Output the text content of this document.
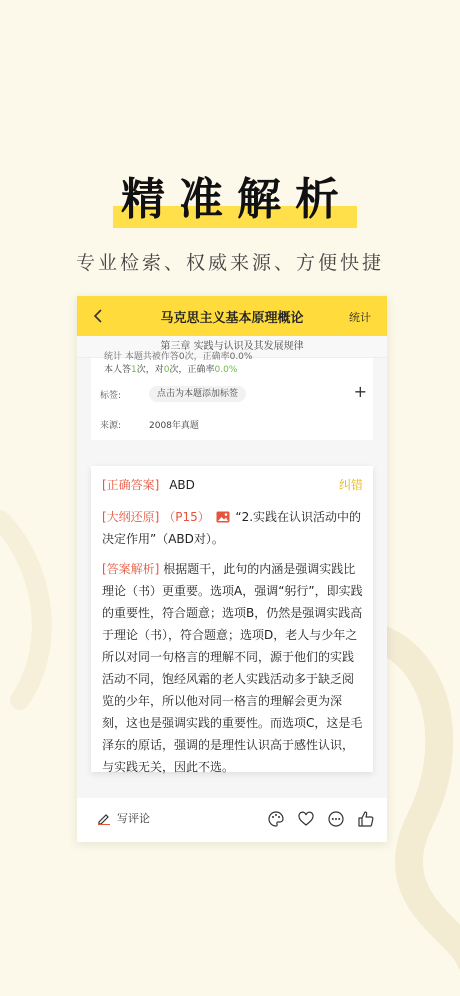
精准解析
专业检索、权威来源、方便快捷
马克思主义基本原理概论	统计
第三章 实践与认识及其发展规律
统计 本题共被作答0次，正确率0.0%
本人答1次，对0次，正确率0.0%
标签:	点击为本题添加标签	+
来源:	2008年真题
[正确答案] ABD	纠错
[大纲还原] （P15） “2.实践在认识活动中的决定作用”（ABD对）。
[答案解析] 根据题干，此句的内涵是强调实践比理论（书）更重要。选项A，强调“躬行”，即实践的重要性，符合题意；选项B，仍然是强调实践高于理论（书），符合题意；选项D，老人与少年之所以对同一句格言的理解不同，源于他们的实践活动不同，饱经风霜的老人实践活动多于缺乏阅览的少年，所以他对同一格言的理解会更为深刻，这也是强调实践的重要性。而选项C，这是毛泽东的原话，强调的是理性认识高于感性认识，与实践无关，因此不选。
写评论
